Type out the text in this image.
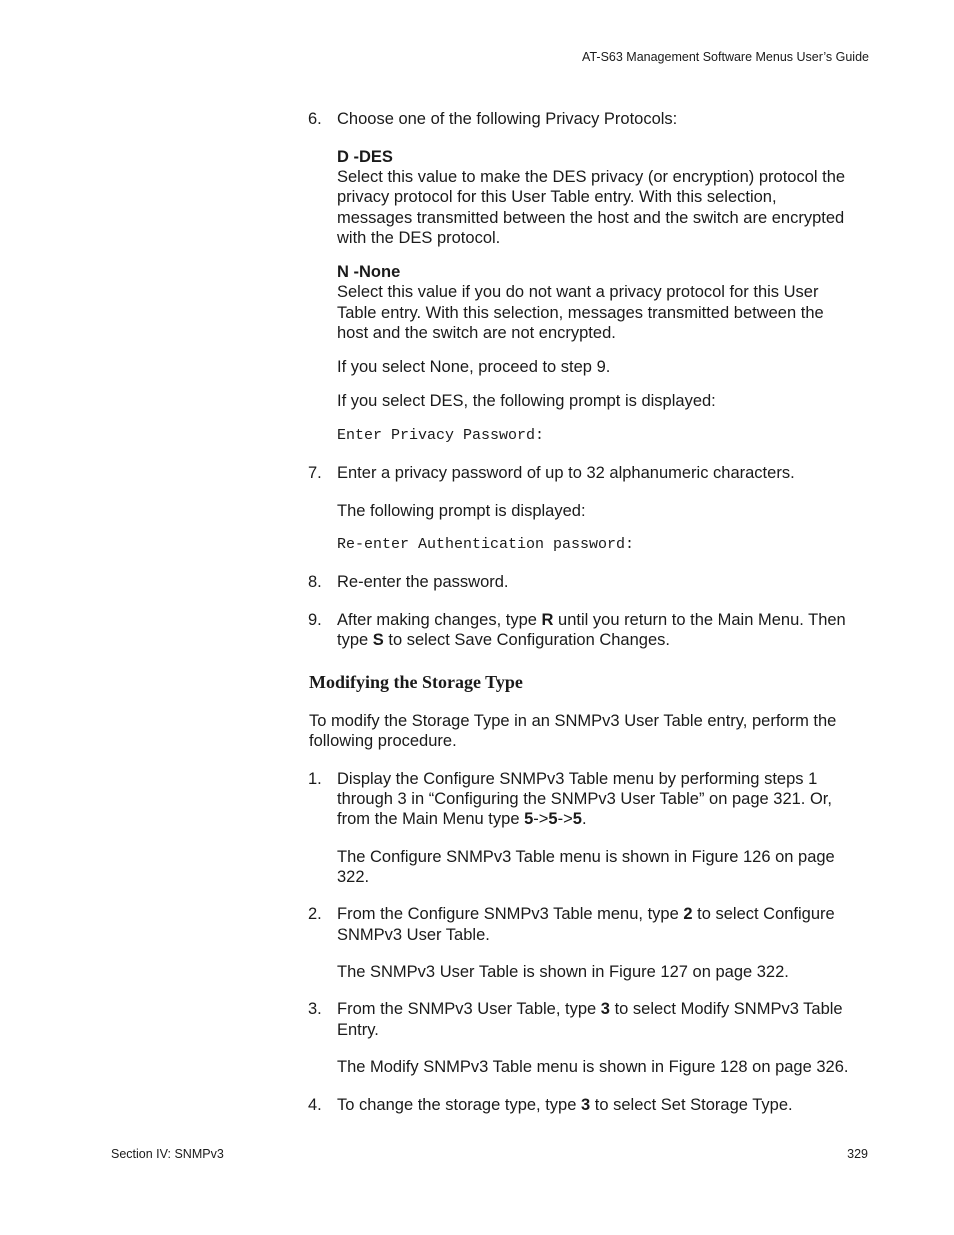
AT-S63 Management Software Menus User’s Guide
6. Choose one of the following Privacy Protocols:
D -DES
Select this value to make the DES privacy (or encryption) protocol the
privacy protocol for this User Table entry. With this selection,
messages transmitted between the host and the switch are encrypted
with the DES protocol.
N -None
Select this value if you do not want a privacy protocol for this User
Table entry. With this selection, messages transmitted between the
host and the switch are not encrypted.
If you select None, proceed to step 9.
If you select DES, the following prompt is displayed:
Enter Privacy Password:
7. Enter a privacy password of up to 32 alphanumeric characters.
The following prompt is displayed:
Re-enter Authentication password:
8. Re-enter the password.
9. After making changes, type R until you return to the Main Menu. Then
type S to select Save Configuration Changes.
Modifying the Storage Type
To modify the Storage Type in an SNMPv3 User Table entry, perform the
following procedure.
1. Display the Configure SNMPv3 Table menu by performing steps 1
through 3 in “Configuring the SNMPv3 User Table” on page 321. Or,
from the Main Menu type 5->5->5.
The Configure SNMPv3 Table menu is shown in Figure 126 on page
322.
2. From the Configure SNMPv3 Table menu, type 2 to select Configure
SNMPv3 User Table.
The SNMPv3 User Table is shown in Figure 127 on page 322.
3. From the SNMPv3 User Table, type 3 to select Modify SNMPv3 Table
Entry.
The Modify SNMPv3 Table menu is shown in Figure 128 on page 326.
4. To change the storage type, type 3 to select Set Storage Type.
Section IV: SNMPv3	329
